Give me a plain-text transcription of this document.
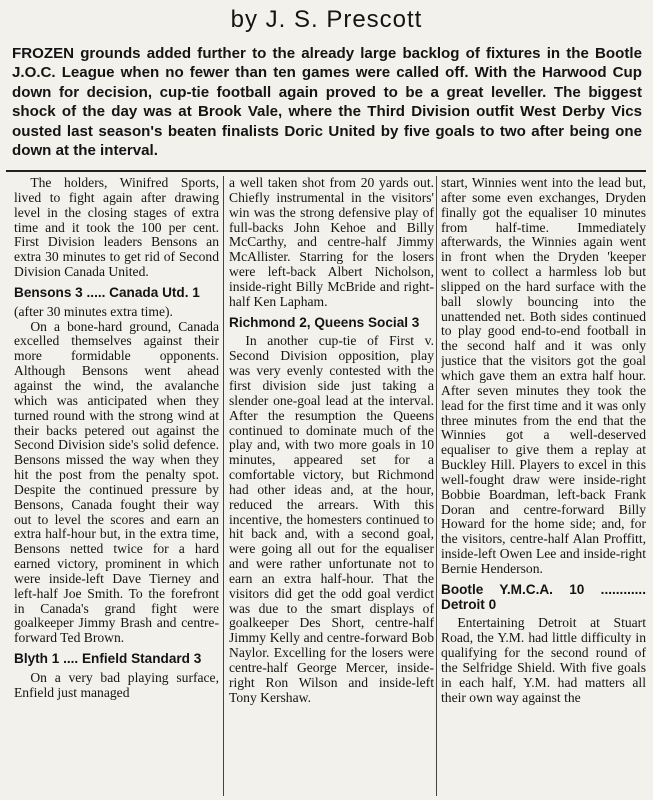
by J. S. Prescott

FROZEN grounds added further to the already large backlog of fixtures in the Bootle J.O.C. League when no fewer than ten games were called off. With the Harwood Cup down for decision, cup-tie football again proved to be a great leveller. The biggest shock of the day was at Brook Vale, where the Third Division outfit West Derby Vics ousted last season's beaten finalists Doric United by five goals to two after being one down at the interval.

The holders, Winifred Sports, lived to fight again after drawing level in the closing stages of extra time and it took the 100 per cent. First Division leaders Bensons an extra 30 minutes to get rid of Second Division Canada United.

Bensons 3 ..... Canada Utd. 1

(after 30 minutes extra time).

On a bone-hard ground, Canada excelled themselves against their more formidable opponents. Although Bensons went ahead against the wind, the avalanche which was anticipated when they turned round with the strong wind at their backs petered out against the Second Division side's solid defence. Bensons missed the way when they hit the post from the penalty spot. Despite the continued pressure by Bensons, Canada fought their way out to level the scores and earn an extra half-hour but, in the extra time, Bensons netted twice for a hard earned victory, prominent in which were inside-left Dave Tierney and left-half Joe Smith. To the forefront in Canada's grand fight were goalkeeper Jimmy Brash and centre-forward Ted Brown.

Blyth 1 .... Enfield Standard 3

On a very bad playing surface, Enfield just managed

a well taken shot from 20 yards out. Chiefly instrumental in the visitors' win was the strong defensive play of full-backs John Kehoe and Billy McCarthy, and centre-half Jimmy McAllister. Starring for the losers were left-back Albert Nicholson, inside-right Billy McBride and right-half Ken Lapham.

Richmond 2, Queens Social 3

In another cup-tie of First v. Second Division opposition, play was very evenly contested with the first division side just taking a slender one-goal lead at the interval. After the resumption the Queens continued to dominate much of the play and, with two more goals in 10 minutes, appeared set for a comfortable victory, but Richmond had other ideas and, at the hour, reduced the arrears. With this incentive, the homesters continued to hit back and, with a second goal, were going all out for the equaliser and were rather unfortunate not to earn an extra half-hour. That the visitors did get the odd goal verdict was due to the smart displays of goalkeeper Des Short, centre-half Jimmy Kelly and centre-forward Bob Naylor. Excelling for the losers were centre-half George Mercer, inside-right Ron Wilson and inside-left Tony Kershaw.

start, Winnies went into the lead but, after some even exchanges, Dryden finally got the equaliser 10 minutes from half-time. Immediately afterwards, the Winnies again went in front when the Dryden 'keeper went to collect a harmless lob but slipped on the hard surface with the ball slowly bouncing into the unattended net. Both sides continued to play good end-to-end football in the second half and it was only justice that the visitors got the goal which gave them an extra half hour. After seven minutes they took the lead for the first time and it was only three minutes from the end that the Winnies got a well-deserved equaliser to give them a replay at Buckley Hill. Players to excel in this well-fought draw were inside-right Bobbie Boardman, left-back Frank Doran and centre-forward Billy Howard for the home side; and, for the visitors, centre-half Alan Proffitt, inside-left Owen Lee and inside-right Bernie Henderson.

Bootle Y.M.C.A. 10 ............ Detroit 0

Entertaining Detroit at Stuart Road, the Y.M. had little difficulty in qualifying for the second round of the Selfridge Shield. With five goals in each half, Y.M. had matters all their own way against the
